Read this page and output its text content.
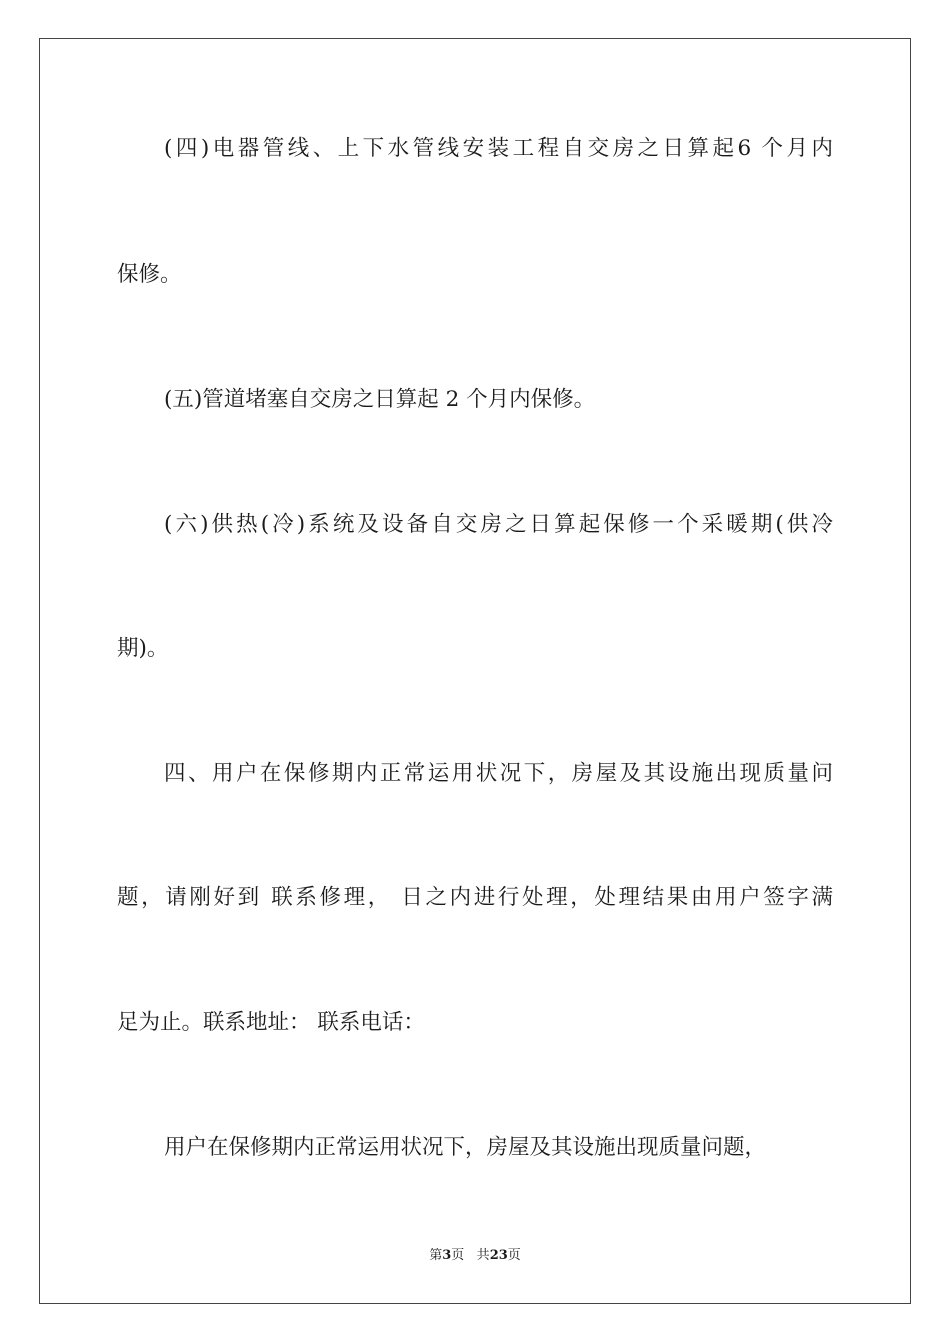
(四)电器管线、上下水管线安装工程自交房之日算起6 个月内
保修。
(五)管道堵塞自交房之日算起 2 个月内保修。
(六)供热(冷)系统及设备自交房之日算起保修一个采暖期(供冷
期)。
四、用户在保修期内正常运用状况下，房屋及其设施出现质量问
题，请刚好到 联系修理， 日之内进行处理，处理结果由用户签字满
足为止。联系地址： 联系电话：
用户在保修期内正常运用状况下，房屋及其设施出现质量问题，
第3页 共23页
